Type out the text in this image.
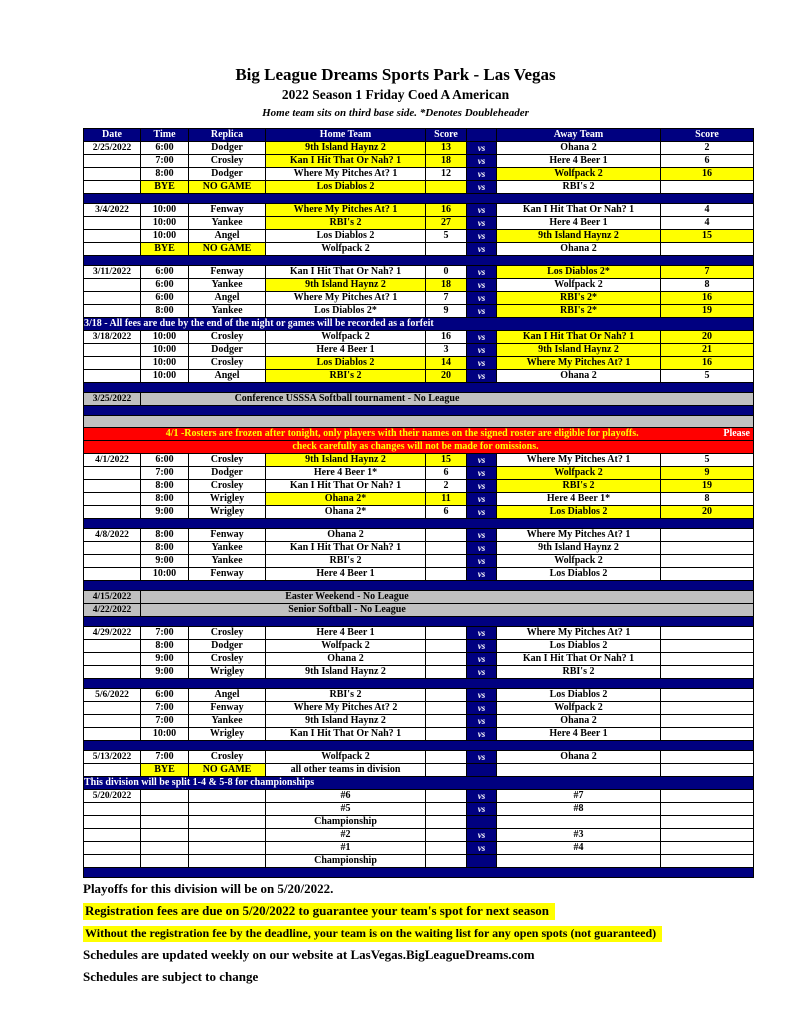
Big League Dreams Sports Park - Las Vegas
2022 Season 1 Friday Coed A American
Home team sits on third base side. *Denotes Doubleheader
Date	Time	Replica	Home Team	Score	Away Team	Score
2/25/2022	6:00	Dodger	9th Island Haynz 2	13	vs	Ohana 2	2
7:00	Crosley	Kan I Hit That Or Nah? 1	18	vs	Here 4 Beer 1	6
8:00	Dodger	Where My Pitches At? 1	12	vs	Wolfpack 2	16
BYE	NO GAME	Los Diablos 2	vs	RBI's 2
3/4/2022	10:00	Fenway	Where My Pitches At? 1	16	vs	Kan I Hit That Or Nah? 1	4
10:00	Yankee	RBI's 2	27	vs	Here 4 Beer 1	4
10:00	Angel	Los Diablos 2	5	vs	9th Island Haynz 2	15
BYE	NO GAME	Wolfpack 2	vs	Ohana 2
3/11/2022	6:00	Fenway	Kan I Hit That Or Nah? 1	0	vs	Los Diablos 2*	7
6:00	Yankee	9th Island Haynz 2	18	vs	Wolfpack 2	8
6:00	Angel	Where My Pitches At? 1	7	vs	RBI's 2*	16
8:00	Yankee	Los Diablos 2*	9	vs	RBI's 2*	19
3/18 - All fees are due by the end of the night or games will be recorded as a forfeit
3/18/2022	10:00	Crosley	Wolfpack 2	16	vs	Kan I Hit That Or Nah? 1	20
10:00	Dodger	Here 4 Beer 1	3	vs	9th Island Haynz 2	21
10:00	Crosley	Los Diablos 2	14	vs	Where My Pitches At? 1	16
10:00	Angel	RBI's 2	20	vs	Ohana 2	5
3/25/2022	Conference USSSA Softball tournament - No League
4/1 -Rosters are frozen after tonight, only players with their names on the signed roster are eligible for playoffs.	Please
check carefully as changes will not be made for omissions.
4/1/2022	6:00	Crosley	9th Island Haynz 2	15	vs	Where My Pitches At? 1	5
7:00	Dodger	Here 4 Beer 1*	6	vs	Wolfpack 2	9
8:00	Crosley	Kan I Hit That Or Nah? 1	2	vs	RBI's 2	19
8:00	Wrigley	Ohana 2*	11	vs	Here 4 Beer 1*	8
9:00	Wrigley	Ohana 2*	6	vs	Los Diablos 2	20
4/8/2022	8:00	Fenway	Ohana 2	vs	Where My Pitches At? 1
8:00	Yankee	Kan I Hit That Or Nah? 1	vs	9th Island Haynz 2
9:00	Yankee	RBI's 2	vs	Wolfpack 2
10:00	Fenway	Here 4 Beer 1	vs	Los Diablos 2
4/15/2022	Easter Weekend - No League
4/22/2022	Senior Softball - No League
4/29/2022	7:00	Crosley	Here 4 Beer 1	vs	Where My Pitches At? 1
8:00	Dodger	Wolfpack 2	vs	Los Diablos 2
9:00	Crosley	Ohana 2	vs	Kan I Hit That Or Nah? 1
9:00	Wrigley	9th Island Haynz 2	vs	RBI's 2
5/6/2022	6:00	Angel	RBI's 2	vs	Los Diablos 2
7:00	Fenway	Where My Pitches At? 2	vs	Wolfpack 2
7:00	Yankee	9th Island Haynz 2	vs	Ohana 2
10:00	Wrigley	Kan I Hit That Or Nah? 1	vs	Here 4 Beer 1
5/13/2022	7:00	Crosley	Wolfpack 2	vs	Ohana 2
BYE	NO GAME	all other teams in division
This division will be split 1-4 & 5-8 for championships
5/20/2022	#6	vs	#7
#5	vs	#8
Championship
#2	vs	#3
#1	vs	#4
Championship
Playoffs for this division will be on 5/20/2022.
Registration fees are due on 5/20/2022 to guarantee your team's spot for next season
Without the registration fee by the deadline, your team is on the waiting list for any open spots (not guaranteed)
Schedules are updated weekly on our website at LasVegas.BigLeagueDreams.com
Schedules are subject to change
